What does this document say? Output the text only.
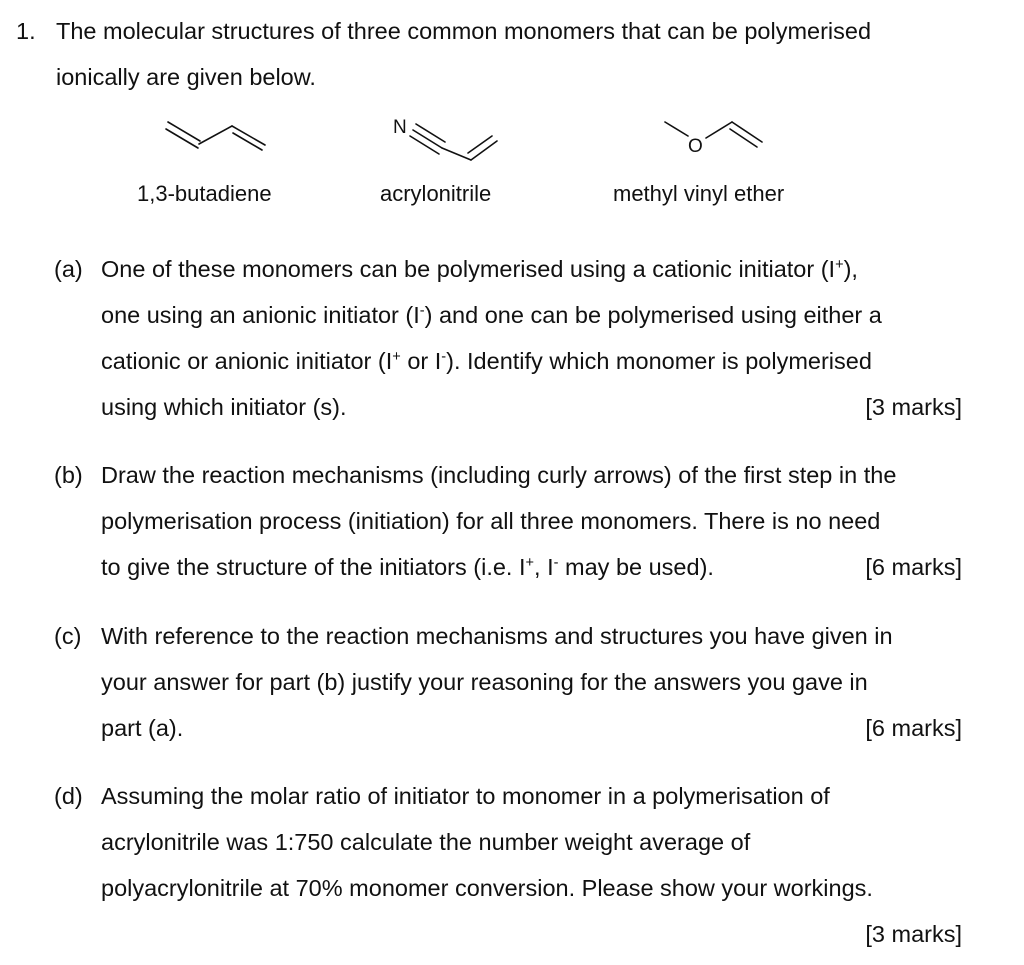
1. The molecular structures of three common monomers that can be polymerised
ionically are given below.
N
O
1,3-butadiene	acrylonitrile	methyl vinyl ether
(a) One of these monomers can be polymerised using a cationic initiator (I+),
one using an anionic initiator (I-) and one can be polymerised using either a
cationic or anionic initiator (I+ or I-). Identify which monomer is polymerised
using which initiator (s).	[3 marks]
(b) Draw the reaction mechanisms (including curly arrows) of the first step in the
polymerisation process (initiation) for all three monomers. There is no need
to give the structure of the initiators (i.e. I+, I- may be used).	[6 marks]
(c) With reference to the reaction mechanisms and structures you have given in
your answer for part (b) justify your reasoning for the answers you gave in
part (a).	[6 marks]
(d) Assuming the molar ratio of initiator to monomer in a polymerisation of
acrylonitrile was 1:750 calculate the number weight average of
polyacrylonitrile at 70% monomer conversion. Please show your workings.
[3 marks]
